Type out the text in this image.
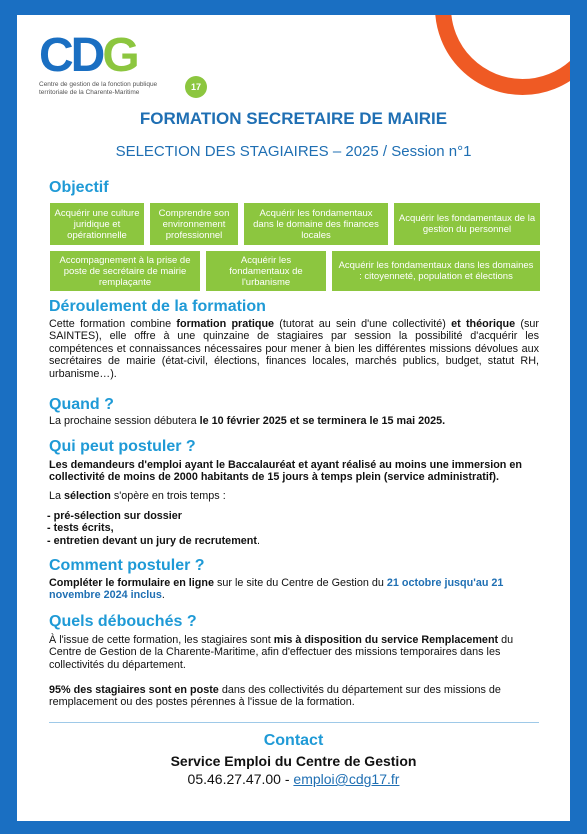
CDG
17
Centre de gestion de la fonction publique
territoriale de la Charente-Maritime
FORMATION SECRETAIRE DE MAIRIE
SELECTION DES STAGIAIRES – 2025 / Session n°1
Objectif
Acquérir une culture juridique et opérationnelle
Comprendre son environnement professionnel
Acquérir les fondamentaux dans le domaine des finances locales
Acquérir les fondamentaux de la gestion du personnel
Accompagnement à la prise de poste de secrétaire de mairie remplaçante
Acquérir les fondamentaux de l'urbanisme
Acquérir les fondamentaux dans les domaines : citoyenneté, population et élections
Déroulement de la formation

Cette formation combine formation pratique (tutorat au sein d'une collectivité) et théorique (sur SAINTES), elle offre à une quinzaine de stagiaires par session la possibilité d'acquérir les compétences et connaissances nécessaires pour mener à bien les différentes missions dévolues aux secrétaires de mairie (état-civil, élections, finances locales, marchés publics, budget, statut RH, urbanisme…).

Quand ?

La prochaine session débutera le 10 février 2025 et se terminera le 15 mai 2025.

Qui peut postuler ?

Les demandeurs d'emploi ayant le Baccalauréat et ayant réalisé au moins une immersion en collectivité de moins de 2000 habitants de 15 jours à temps plein (service administratif).

La sélection s'opère en trois temps :

- pré-sélection sur dossier
- tests écrits,
- entretien devant un jury de recrutement.

Comment postuler ?

Compléter le formulaire en ligne sur le site du Centre de Gestion du 21 octobre jusqu'au 21 novembre 2024 inclus.

Quels débouchés ?

À l'issue de cette formation, les stagiaires sont mis à disposition du service Remplacement du Centre de Gestion de la Charente-Maritime, afin d'effectuer des missions temporaires dans les collectivités du département.

95% des stagiaires sont en poste dans des collectivités du département sur des missions de remplacement ou des postes pérennes à l'issue de la formation.

Contact
Service Emploi du Centre de Gestion
05.46.27.47.00 - emploi@cdg17.fr
